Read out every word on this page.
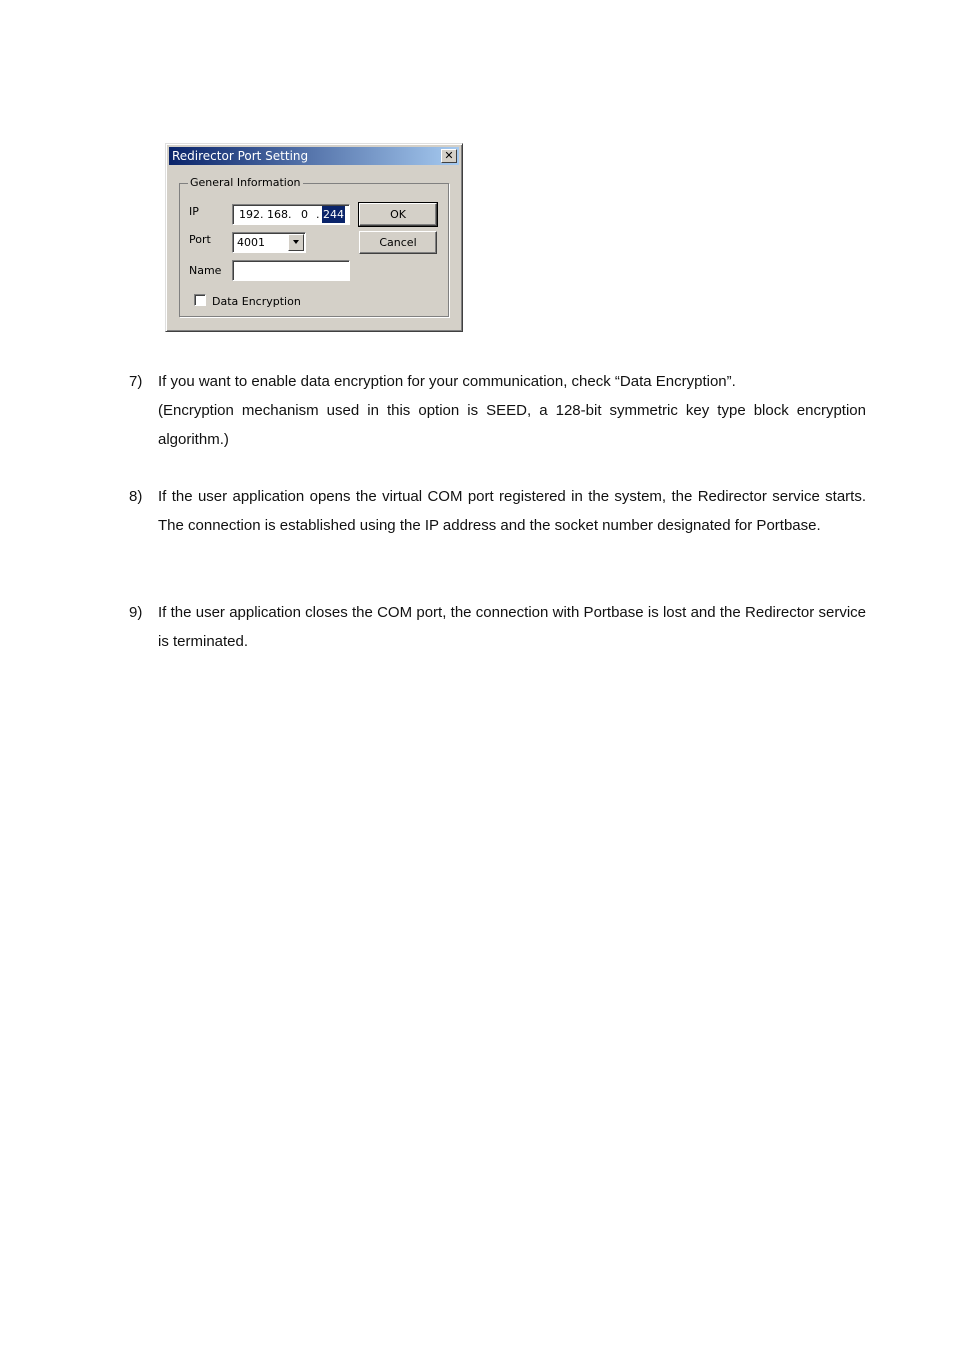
Redirector Port Setting	✕
General Information
IP	192 . 168 . 0 . 244
Port 4001
Name
OK
Cancel
Data Encryption
7) If you want to enable data encryption for your communication, check “Data Encryption”.
(Encryption mechanism used in this option is SEED, a 128-bit symmetric key type block encryption algorithm.)
8) If the user application opens the virtual COM port registered in the system, the Redirector service starts. The connection is established using the IP address and the socket number designated for Portbase.
9) If the user application closes the COM port, the connection with Portbase is lost and the Redirector service is terminated.
